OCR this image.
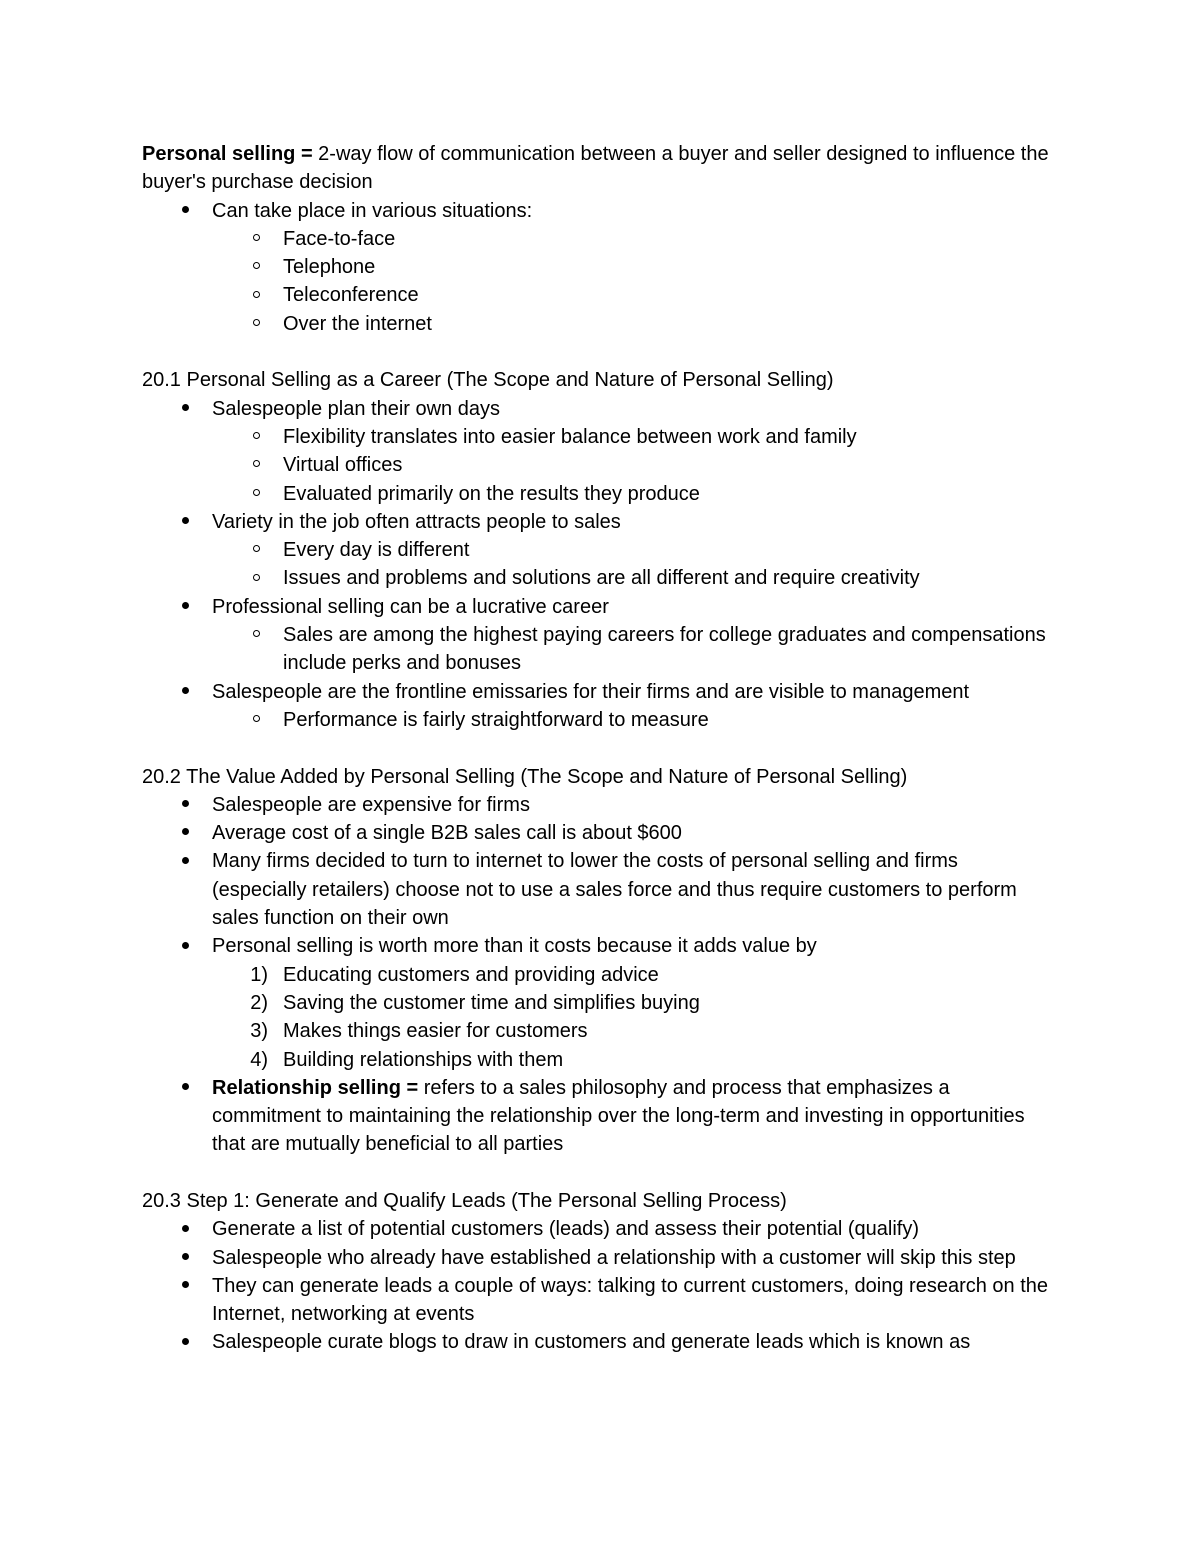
Personal selling = 2-way flow of communication between a buyer and seller designed to influence the buyer's purchase decision

Can take place in various situations:
Face-to-face
Telephone
Teleconference
Over the internet

20.1 Personal Selling as a Career (The Scope and Nature of Personal Selling)

Salespeople plan their own days
Flexibility translates into easier balance between work and family
Virtual offices
Evaluated primarily on the results they produce
Variety in the job often attracts people to sales
Every day is different
Issues and problems and solutions are all different and require creativity
Professional selling can be a lucrative career
Sales are among the highest paying careers for college graduates and compensations include perks and bonuses
Salespeople are the frontline emissaries for their firms and are visible to management
Performance is fairly straightforward to measure

20.2 The Value Added by Personal Selling (The Scope and Nature of Personal Selling)

Salespeople are expensive for firms
Average cost of a single B2B sales call is about $600
Many firms decided to turn to internet to lower the costs of personal selling and firms (especially retailers) choose not to use a sales force and thus require customers to perform sales function on their own
Personal selling is worth more than it costs because it adds value by
1) Educating customers and providing advice
2) Saving the customer time and simplifies buying
3) Makes things easier for customers
4) Building relationships with them
Relationship selling = refers to a sales philosophy and process that emphasizes a commitment to maintaining the relationship over the long-term and investing in opportunities that are mutually beneficial to all parties

20.3 Step 1: Generate and Qualify Leads (The Personal Selling Process)

Generate a list of potential customers (leads) and assess their potential (qualify)
Salespeople who already have established a relationship with a customer will skip this step
They can generate leads a couple of ways: talking to current customers, doing research on the Internet, networking at events
Salespeople curate blogs to draw in customers and generate leads which is known as
